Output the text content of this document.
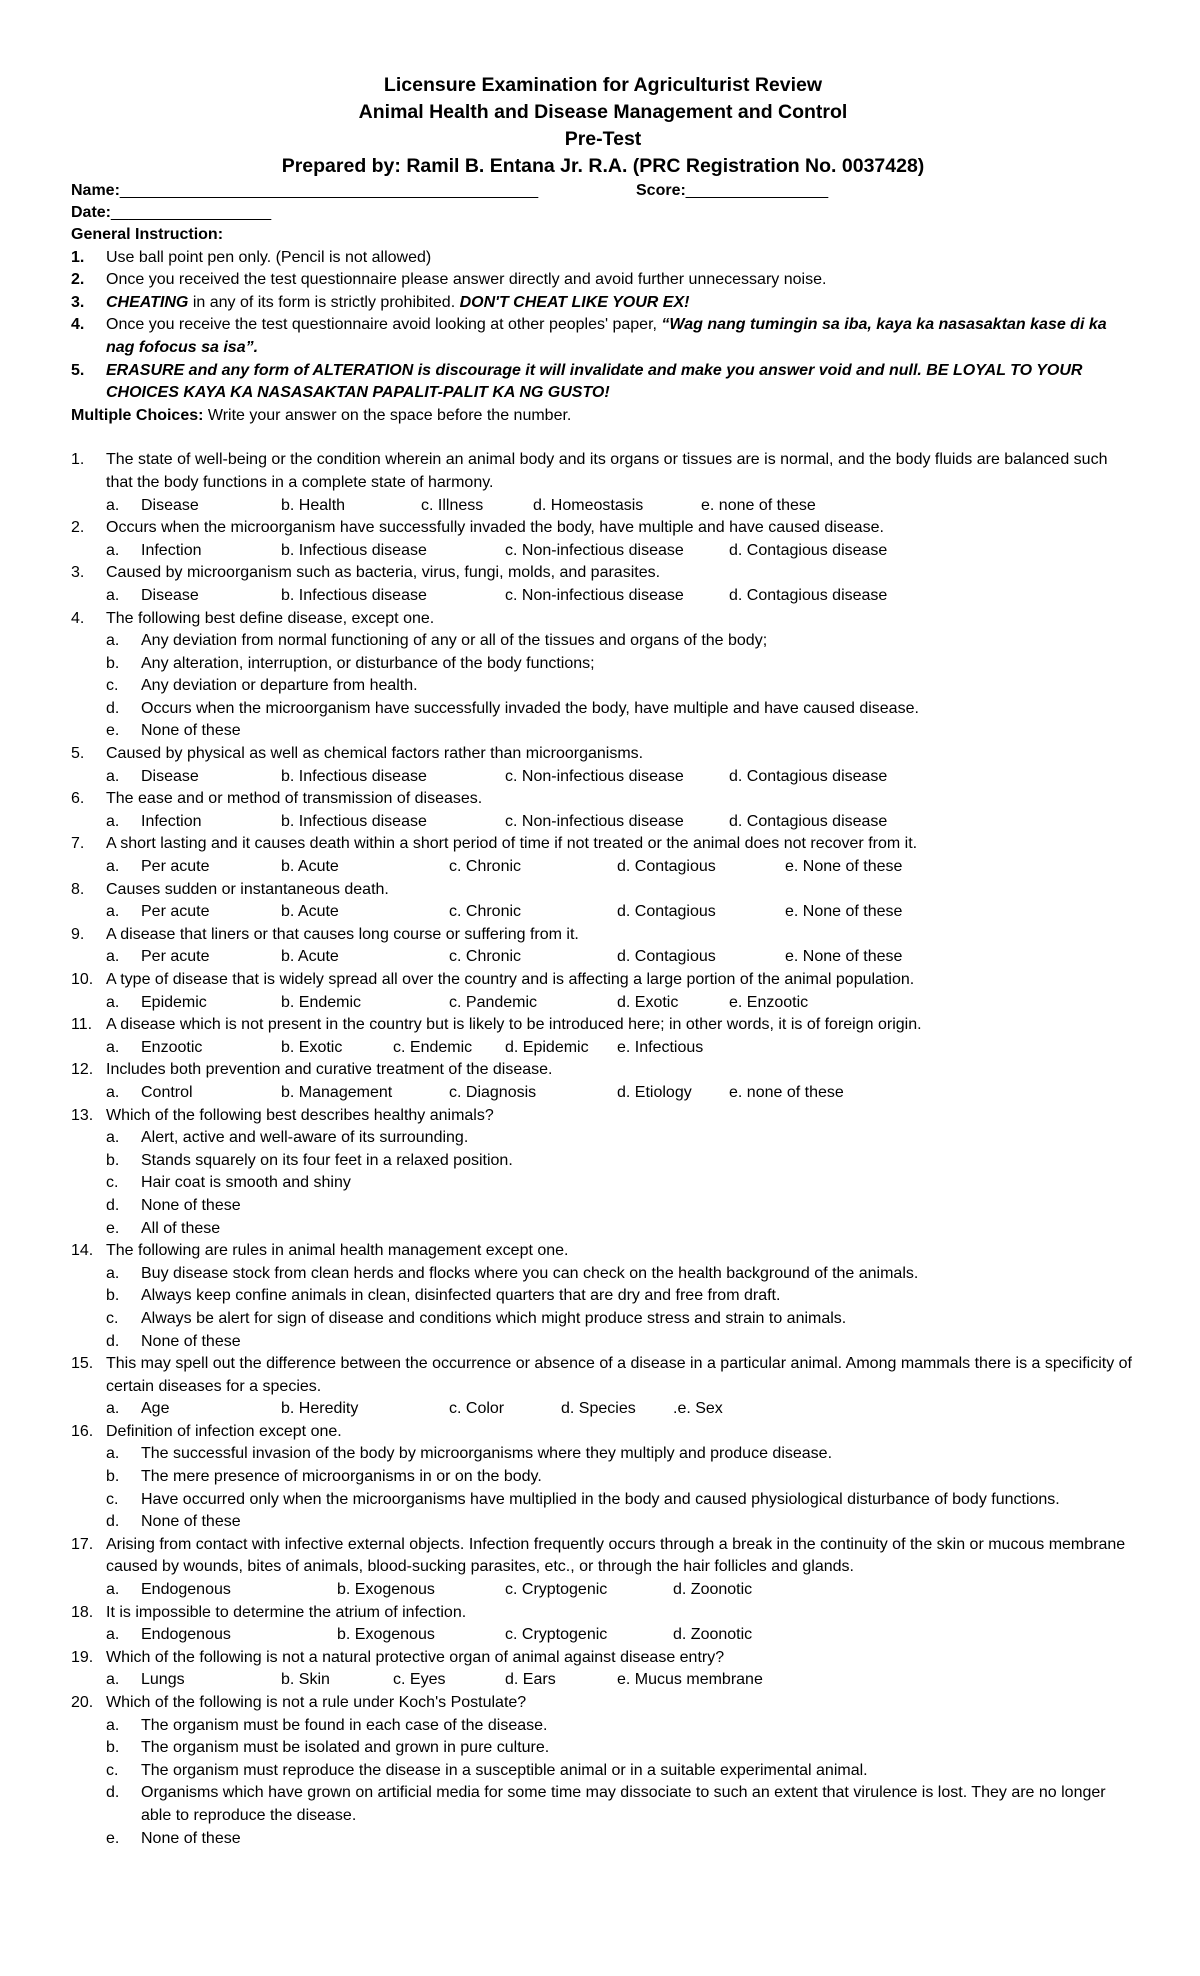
Licensure Examination for Agriculturist Review
Animal Health and Disease Management and Control
Pre-Test
Prepared by: Ramil B. Entana Jr. R.A. (PRC Registration No. 0037428)
Name:_______________________________________________	Score:________________
Date:__________________
General Instruction:
1.	Use ball point pen only. (Pencil is not allowed)
2.	Once you received the test questionnaire please answer directly and avoid further unnecessary noise.
3.	CHEATING in any of its form is strictly prohibited. DON'T CHEAT LIKE YOUR EX!
4.	Once you receive the test questionnaire avoid looking at other peoples' paper, “Wag nang tumingin sa iba, kaya ka nasasaktan kase di ka nag fofocus sa isa”.
5.	ERASURE and any form of ALTERATION is discourage it will invalidate and make you answer void and null. BE LOYAL TO YOUR CHOICES KAYA KA NASASAKTAN PAPALIT-PALIT KA NG GUSTO!
Multiple Choices: Write your answer on the space before the number.
1.	The state of well-being or the condition wherein an animal body and its organs or tissues are is normal, and the body fluids are balanced such that the body functions in a complete state of harmony.
a. Disease	b. Health	c. Illness	d. Homeostasis	e. none of these
2.	Occurs when the microorganism have successfully invaded the body, have multiple and have caused disease.
a. Infection	b. Infectious disease	c. Non-infectious disease	d. Contagious disease
3.	Caused by microorganism such as bacteria, virus, fungi, molds, and parasites.
a. Disease	b. Infectious disease	c. Non-infectious disease	d. Contagious disease
4.	The following best define disease, except one.
a.	Any deviation from normal functioning of any or all of the tissues and organs of the body;
b.	Any alteration, interruption, or disturbance of the body functions;
c.	Any deviation or departure from health.
d.	Occurs when the microorganism have successfully invaded the body, have multiple and have caused disease.
e.	None of these
5.	Caused by physical as well as chemical factors rather than microorganisms.
a. Disease	b. Infectious disease	c. Non-infectious disease	d. Contagious disease
6.	The ease and or method of transmission of diseases.
a. Infection	b. Infectious disease	c. Non-infectious disease	d. Contagious disease
7.	A short lasting and it causes death within a short period of time if not treated or the animal does not recover from it.
a. Per acute	b. Acute	c. Chronic	d. Contagious	e. None of these
8.	Causes sudden or instantaneous death.
a. Per acute	b. Acute	c. Chronic	d. Contagious	e. None of these
9.	A disease that liners or that causes long course or suffering from it.
a. Per acute	b. Acute	c. Chronic	d. Contagious	e. None of these
10. A type of disease that is widely spread all over the country and is affecting a large portion of the animal population.
a. Epidemic	b. Endemic	c. Pandemic	d. Exotic	e. Enzootic
11. A disease which is not present in the country but is likely to be introduced here; in other words, it is of foreign origin.
a. Enzootic	b. Exotic	c. Endemic d. Epidemic e. Infectious
12. Includes both prevention and curative treatment of the disease.
a. Control	b. Management	c. Diagnosis	d. Etiology e. none of these
13. Which of the following best describes healthy animals?
a.	Alert, active and well-aware of its surrounding.
b.	Stands squarely on its four feet in a relaxed position.
c.	Hair coat is smooth and shiny
d.	None of these
e.	All of these
14. The following are rules in animal health management except one.
a.	Buy disease stock from clean herds and flocks where you can check on the health background of the animals.
b.	Always keep confine animals in clean, disinfected quarters that are dry and free from draft.
c.	Always be alert for sign of disease and conditions which might produce stress and strain to animals.
d.	None of these
15. This may spell out the difference between the occurrence or absence of a disease in a particular animal. Among mammals there is a specificity of certain diseases for a species.
a. Age	b. Heredity	c. Color	d. Species .e. Sex
16. Definition of infection except one.
a.	The successful invasion of the body by microorganisms where they multiply and produce disease.
b.	The mere presence of microorganisms in or on the body.
c.	Have occurred only when the microorganisms have multiplied in the body and caused physiological disturbance of body functions.
d.	None of these
17. Arising from contact with infective external objects. Infection frequently occurs through a break in the continuity of the skin or mucous membrane caused by wounds, bites of animals, blood-sucking parasites, etc., or through the hair follicles and glands.
a. Endogenous	b. Exogenous	c. Cryptogenic	d. Zoonotic
18. It is impossible to determine the atrium of infection.
a. Endogenous	b. Exogenous	c. Cryptogenic	d. Zoonotic
19. Which of the following is not a natural protective organ of animal against disease entry?
a. Lungs	b. Skin	c. Eyes	d. Ears	e. Mucus membrane
20. Which of the following is not a rule under Koch's Postulate?
a.	The organism must be found in each case of the disease.
b.	The organism must be isolated and grown in pure culture.
c.	The organism must reproduce the disease in a susceptible animal or in a suitable experimental animal.
d.	Organisms which have grown on artificial media for some time may dissociate to such an extent that virulence is lost. They are no longer able to reproduce the disease.
e.	None of these
